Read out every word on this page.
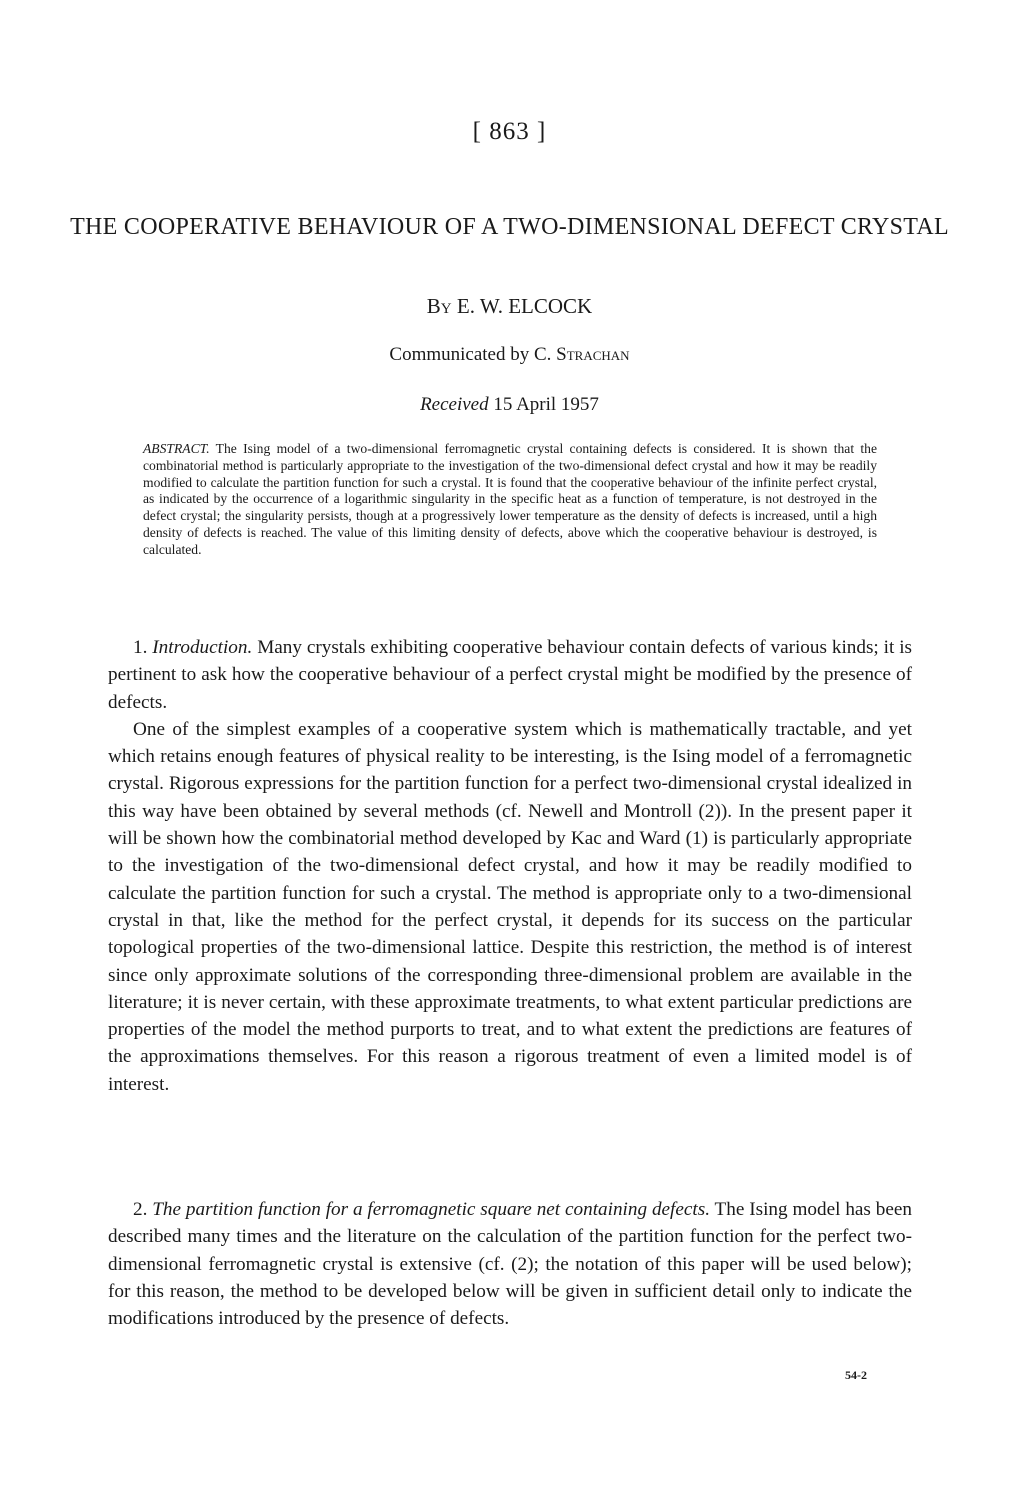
[ 863 ]
THE COOPERATIVE BEHAVIOUR OF A TWO-DIMENSIONAL DEFECT CRYSTAL
By E. W. ELCOCK
Communicated by C. Strachan
Received 15 April 1957
ABSTRACT. The Ising model of a two-dimensional ferromagnetic crystal containing defects is considered. It is shown that the combinatorial method is particularly appropriate to the investigation of the two-dimensional defect crystal and how it may be readily modified to calculate the partition function for such a crystal. It is found that the cooperative behaviour of the infinite perfect crystal, as indicated by the occurrence of a logarithmic singularity in the specific heat as a function of temperature, is not destroyed in the defect crystal; the singularity persists, though at a progressively lower temperature as the density of defects is increased, until a high density of defects is reached. The value of this limiting density of defects, above which the cooperative behaviour is destroyed, is calculated.

1. Introduction. Many crystals exhibiting cooperative behaviour contain defects of various kinds; it is pertinent to ask how the cooperative behaviour of a perfect crystal might be modified by the presence of defects.

One of the simplest examples of a cooperative system which is mathematically tractable, and yet which retains enough features of physical reality to be interesting, is the Ising model of a ferromagnetic crystal. Rigorous expressions for the partition function for a perfect two-dimensional crystal idealized in this way have been obtained by several methods (cf. Newell and Montroll (2)). In the present paper it will be shown how the combinatorial method developed by Kac and Ward (1) is particularly appropriate to the investigation of the two-dimensional defect crystal, and how it may be readily modified to calculate the partition function for such a crystal. The method is appropriate only to a two-dimensional crystal in that, like the method for the perfect crystal, it depends for its success on the particular topological properties of the two-dimensional lattice. Despite this restriction, the method is of interest since only approximate solutions of the corresponding three-dimensional problem are available in the literature; it is never certain, with these approximate treatments, to what extent particular predictions are properties of the model the method purports to treat, and to what extent the predictions are features of the approximations themselves. For this reason a rigorous treatment of even a limited model is of interest.

2. The partition function for a ferromagnetic square net containing defects. The Ising model has been described many times and the literature on the calculation of the partition function for the perfect two-dimensional ferromagnetic crystal is extensive (cf. (2); the notation of this paper will be used below); for this reason, the method to be developed below will be given in sufficient detail only to indicate the modifications introduced by the presence of defects.

54-2
